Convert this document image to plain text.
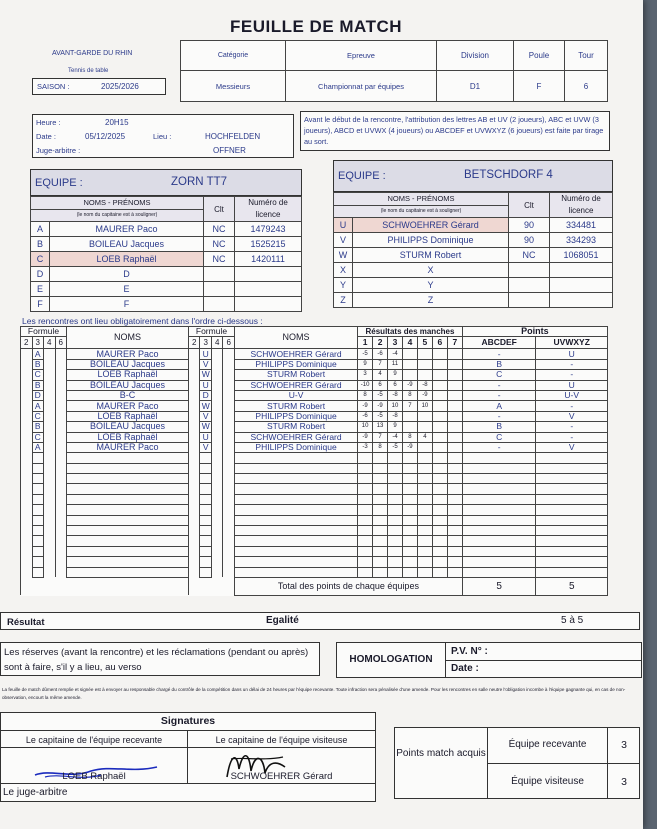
FEUILLE DE MATCH
AVANT-GARDE DU RHIN
Tennis de table
SAISON :	2025/2026
Catégorie	Epreuve	Division	Poule	Tour
Messieurs	Championnat par équipes	D1	F	6
Heure :	20H15
Date :	05/12/2025	Lieu :	HOCHFELDEN
Juge-arbitre :	OFFNER
Avant le début de la rencontre, l'attribution des lettres AB et UV (2 joueurs), ABC et UVW (3 joueurs), ABCD et UVWX (4 joueurs) ou ABCDEF et UVWXYZ (6 joueurs) est faite par tirage au sort.
EQUIPE :	ZORN TT7
NOMS - PRÉNOMS		Clt	Numéro de licence
(le nom du capitaine est à souligner)			
A	MAURER Paco	NC	1479243
B	BOILEAU Jacques	NC	1525215
C	LOEB Raphaël	NC	1420111
D	D		
E	E		
F	F		
EQUIPE :	BETSCHDORF 4
NOMS - PRÉNOMS		Clt	Numéro de licence
(le nom du capitaine est à souligner)			
U	SCHWOEHRER Gérard	90	334481
V	PHILIPPS Dominique	90	334293
W	STURM Robert	NC	1068051
X	X		
Y	Y		
Z	Z		
Les rencontres ont lieu obligatoirement dans l'ordre ci-dessous :
Formule				NOMS	Formule				NOMS	Résultats des manches							Points	
2	3	4	6		2	3	4	6		1	2	3	4	5	6	7	ABCDEF	UVWXYZ
	A			MAURER Paco		U			SCHWOEHRER Gérard	-5	-6	-4					-	U
	B			BOILEAU Jacques		V			PHILIPPS Dominique	9	7	11					B	-
	C			LOEB Raphaël		W			STURM Robert	3	4	9					C	-
	B			BOILEAU Jacques		U			SCHWOEHRER Gérard	-10	6	6	-9	-8			-	U
	D			B-C		D			U-V	8	-5	-8	8	-9			-	U-V
	A			MAURER Paco		W			STURM Robert	-9	-9	10	7	10			A	-
	C			LOEB Raphaël		V			PHILIPPS Dominique	-6	-5	-8					-	V
	B			BOILEAU Jacques		W			STURM Robert	10	13	9					B	-
	C			LOEB Raphaël		U			SCHWOEHRER Gérard	-9	7	-4	8	4			C	-
	A			MAURER Paco		V			PHILIPPS Dominique	-3	8	-5	-9				-	V

									Total des points de chaque équipes								5	5
Résultat	Egalité	5 à 5
Les réserves (avant la rencontre) et les réclamations (pendant ou après) sont à faire, s'il y a lieu, au verso
HOMOLOGATION
P.V. N° :
Date :
La feuille de match dûment remplie et signée est à envoyer au responsable chargé du contrôle de la compétition dans un délai de 24 heures par l'équipe recevante. Toute infraction sera pénalisée d'une amende. Pour les rencontres en salle neutre l'obligation incombe à l'équipe gagnante qui, en cas de non-observation, encourt la même amende.
Signatures
Le capitaine de l'équipe recevante	Le capitaine de l'équipe visiteuse
LOEB Raphaël	SCHWOEHRER Gérard
Le juge-arbitre
Points match acquis
Équipe recevante	3
Équipe visiteuse	3
